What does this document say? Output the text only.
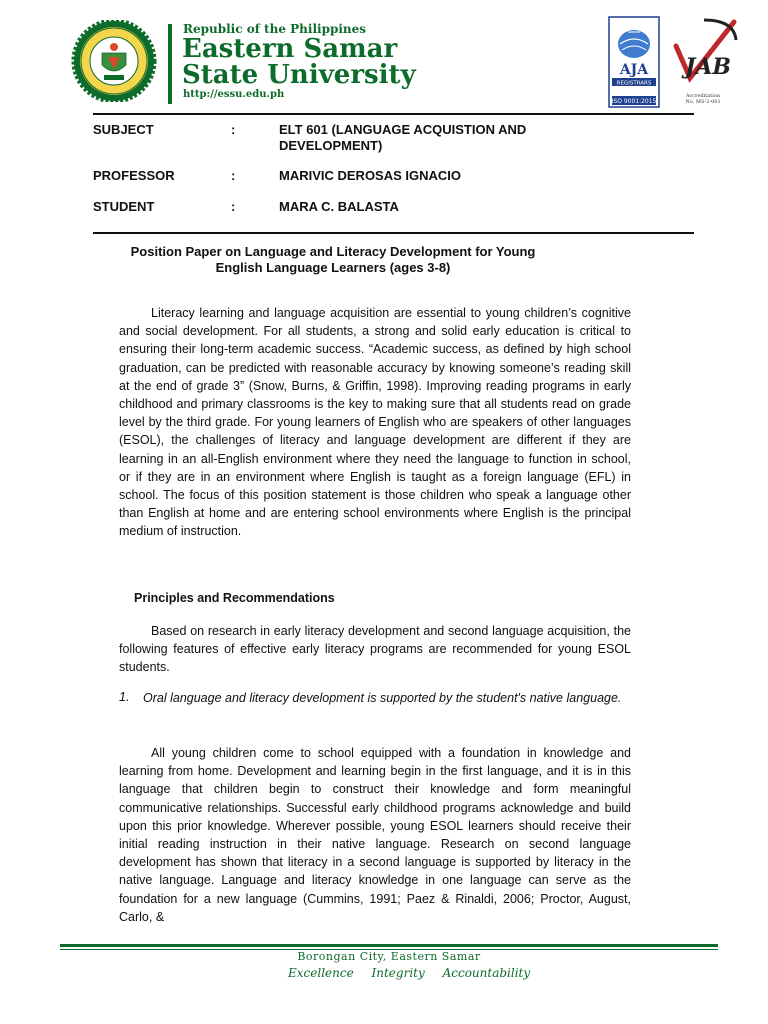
Republic of the Philippines
Eastern Samar
State University
http://essu.edu.ph
AJA
REGISTRARS
ISO 9001:2015
JAB
Accreditation No. MS-2-001
SUBJECT	:	ELT 601 (LANGUAGE ACQUISTION AND
DEVELOPMENT)
PROFESSOR	:	MARIVIC DEROSAS IGNACIO
STUDENT	:	MARA C. BALASTA
Position Paper on Language and Literacy Development for Young
English Language Learners (ages 3-8)
Literacy learning and language acquisition are essential to young children’s cognitive and social development. For all students, a strong and solid early education is critical to ensuring their long-term academic success. “Academic success, as defined by high school graduation, can be predicted with reasonable accuracy by knowing someone’s reading skill at the end of grade 3” (Snow, Burns, & Griffin, 1998). Improving reading programs in early childhood and primary classrooms is the key to making sure that all students read on grade level by the third grade. For young learners of English who are speakers of other languages (ESOL), the challenges of literacy and language development are different if they are learning in an all-English environment where they need the language to function in school, or if they are in an environment where English is taught as a foreign language (EFL) in school. The focus of this position statement is those children who speak a language other than English at home and are entering school environments where English is the principal medium of instruction.
Principles and Recommendations
Based on research in early literacy development and second language acquisition, the following features of effective early literacy programs are recommended for young ESOL students.
1. Oral language and literacy development is supported by the student's native language.
All young children come to school equipped with a foundation in knowledge and learning from home. Development and learning begin in the first language, and it is in this language that children begin to construct their knowledge and form meaningful communicative relationships. Successful early childhood programs acknowledge and build upon this prior knowledge. Wherever possible, young ESOL learners should receive their initial reading instruction in their native language. Research on second language development has shown that literacy in a second language is supported by literacy in the native language. Language and literacy knowledge in one language can serve as the foundation for a new language (Cummins, 1991; Paez & Rinaldi, 2006; Proctor, August, Carlo, &
Borongan City, Eastern Samar
Excellence Integrity Accountability
